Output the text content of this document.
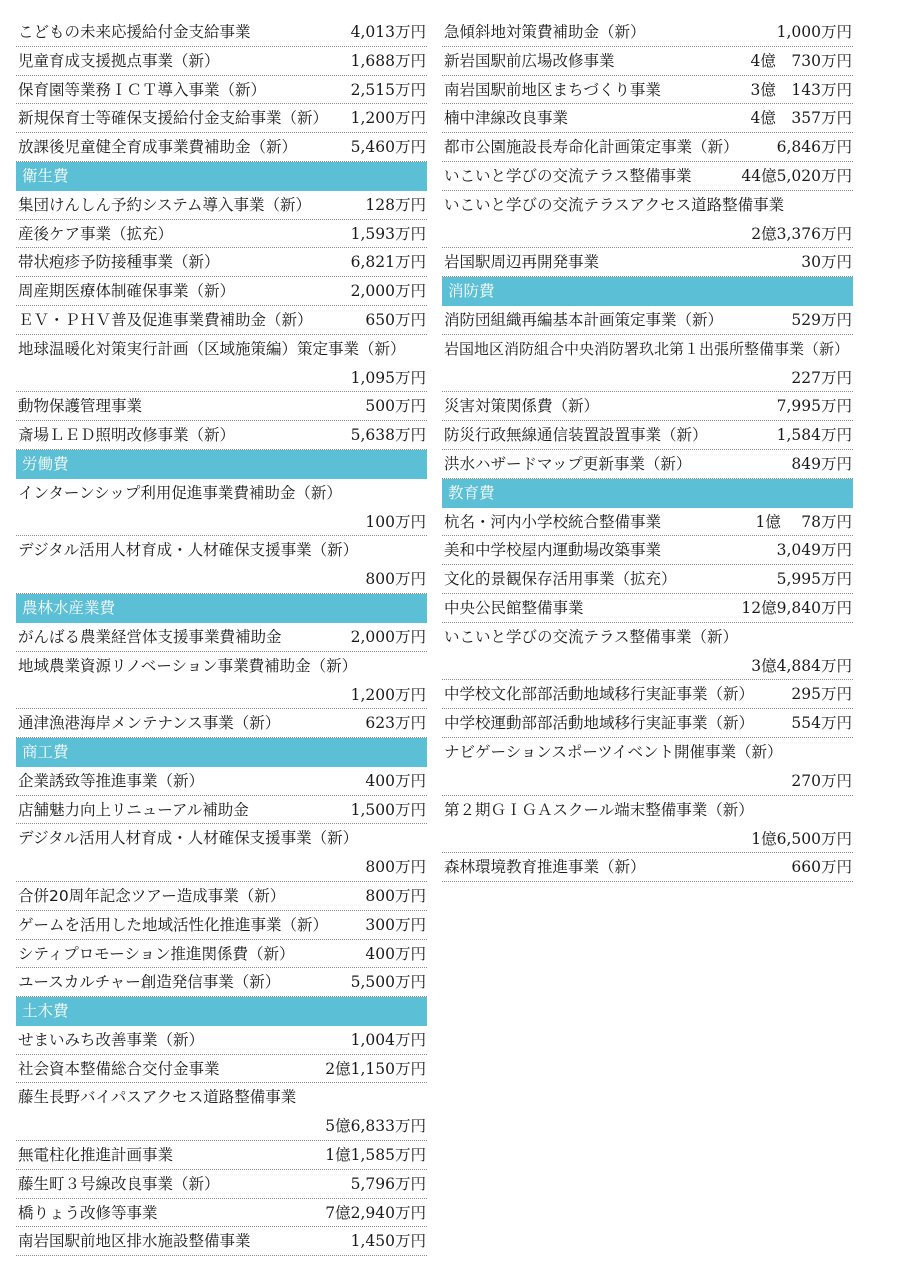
こどもの未来応援給付金支給事業	4,013万円
児童育成支援拠点事業（新）	1,688万円
保育園等業務ＩＣＴ導入事業（新）	2,515万円
新規保育士等確保支援給付金支給事業（新） 1,200万円
放課後児童健全育成事業費補助金（新）	5,460万円
衛生費
集団けんしん予約システム導入事業（新）	128万円
産後ケア事業（拡充）	1,593万円
帯状疱疹予防接種事業（新）	6,821万円
周産期医療体制確保事業（新）	2,000万円
ＥＶ・ＰＨＶ普及促進事業費補助金（新）	650万円
地球温暖化対策実行計画（区域施策編）策定事業（新）
1,095万円
動物保護管理事業	500万円
斎場ＬＥＤ照明改修事業（新）	5,638万円
労働費
インターンシップ利用促進事業費補助金（新）
100万円
デジタル活用人材育成・人材確保支援事業（新）
800万円
農林水産業費
がんばる農業経営体支援事業費補助金	2,000万円
地域農業資源リノベーション事業費補助金（新）
1,200万円
通津漁港海岸メンテナンス事業（新）	623万円
商工費
企業誘致等推進事業（新）	400万円
店舗魅力向上リニューアル補助金	1,500万円
デジタル活用人材育成・人材確保支援事業（新）
800万円
合併20周年記念ツアー造成事業（新）	800万円
ゲームを活用した地域活性化推進事業（新） 300万円
シティプロモーション推進関係費（新）	400万円
ユースカルチャー創造発信事業（新）	5,500万円
土木費
せまいみち改善事業（新）	1,004万円
社会資本整備総合交付金事業	2億1,150万円
藤生長野バイパスアクセス道路整備事業
5億6,833万円
無電柱化推進計画事業	1億1,585万円
藤生町３号線改良事業（新）	5,796万円
橋りょう改修等事業	7億2,940万円
南岩国駅前地区排水施設整備事業	1,450万円
急傾斜地対策費補助金（新）	1,000万円
新岩国駅前広場改修事業	4億　730万円
南岩国駅前地区まちづくり事業	3億　143万円
楠中津線改良事業	4億　357万円
都市公園施設長寿命化計画策定事業（新） 6,846万円
いこいと学びの交流テラス整備事業	44億5,020万円
いこいと学びの交流テラスアクセス道路整備事業
2億3,376万円
岩国駅周辺再開発事業	30万円
消防費
消防団組織再編基本計画策定事業（新）	529万円
岩国地区消防組合中央消防署玖北第１出張所整備事業（新）
227万円
災害対策関係費（新）	7,995万円
防災行政無線通信装置設置事業（新）	1,584万円
洪水ハザードマップ更新事業（新）	849万円
教育費
杭名・河内小学校統合整備事業	1億　 78万円
美和中学校屋内運動場改築事業	3,049万円
文化的景観保存活用事業（拡充）	5,995万円
中央公民館整備事業	12億9,840万円
いこいと学びの交流テラス整備事業（新）
3億4,884万円
中学校文化部部活動地域移行実証事業（新） 295万円
中学校運動部部活動地域移行実証事業（新） 554万円
ナビゲーションスポーツイベント開催事業（新）
270万円
第２期ＧＩＧＡスクール端末整備事業（新）
1億6,500万円
森林環境教育推進事業（新）	660万円
